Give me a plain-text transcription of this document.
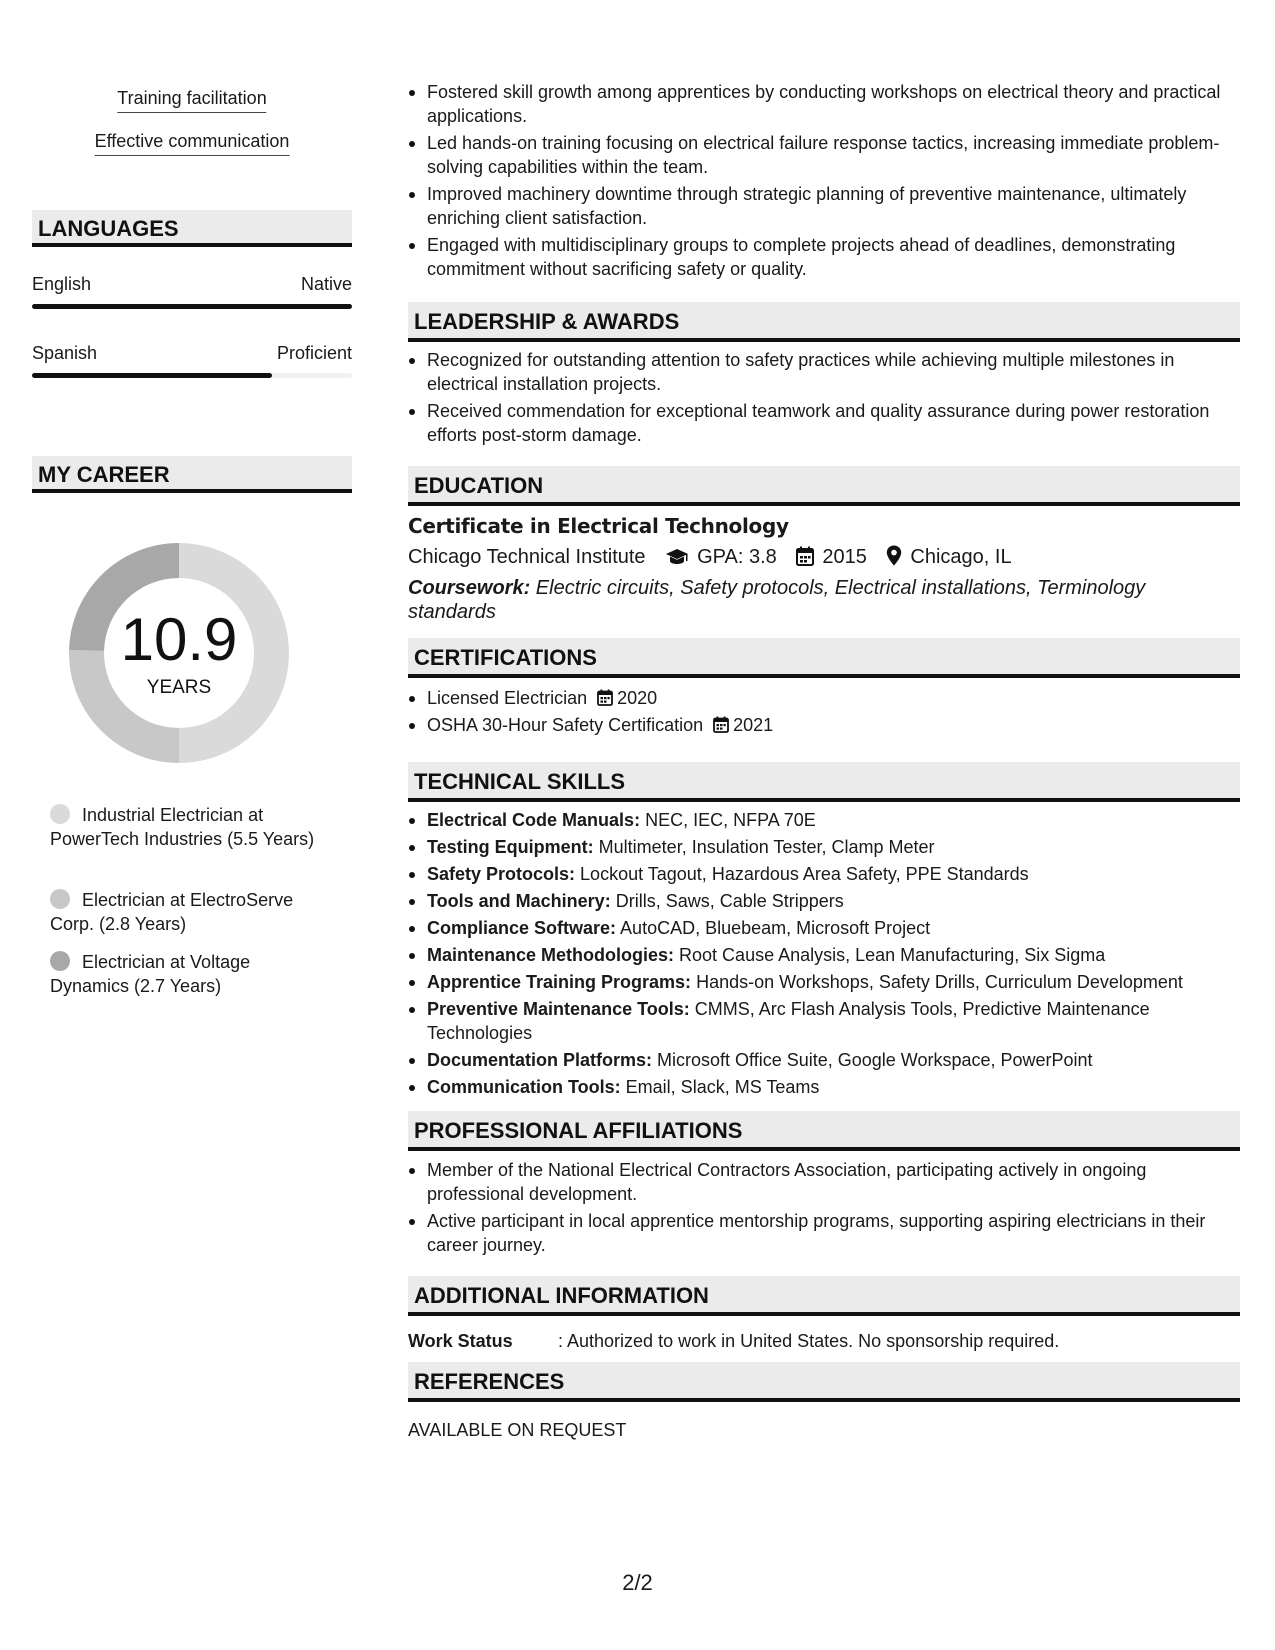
Training facilitation
Effective communication
LANGUAGES
English	Native
Spanish	Proficient
MY CAREER
10.9
YEARS
Industrial Electrician at PowerTech Industries (5.5 Years)
Electrician at ElectroServe Corp. (2.8 Years)
Electrician at Voltage Dynamics (2.7 Years)
Fostered skill growth among apprentices by conducting workshops on electrical theory and practical applications.
Led hands-on training focusing on electrical failure response tactics, increasing immediate problem-solving capabilities within the team.
Improved machinery downtime through strategic planning of preventive maintenance, ultimately enriching client satisfaction.
Engaged with multidisciplinary groups to complete projects ahead of deadlines, demonstrating commitment without sacrificing safety or quality.
LEADERSHIP & AWARDS
Recognized for outstanding attention to safety practices while achieving multiple milestones in electrical installation projects.
Received commendation for exceptional teamwork and quality assurance during power restoration efforts post-storm damage.
EDUCATION
Certificate in Electrical Technology
Chicago Technical Institute	GPA: 3.8 2015 Chicago, IL
Coursework: Electric circuits, Safety protocols, Electrical installations, Terminology standards
CERTIFICATIONS
Licensed Electrician 2020
OSHA 30-Hour Safety Certification 2021
TECHNICAL SKILLS
Electrical Code Manuals: NEC, IEC, NFPA 70E
Testing Equipment: Multimeter, Insulation Tester, Clamp Meter
Safety Protocols: Lockout Tagout, Hazardous Area Safety, PPE Standards
Tools and Machinery: Drills, Saws, Cable Strippers
Compliance Software: AutoCAD, Bluebeam, Microsoft Project
Maintenance Methodologies: Root Cause Analysis, Lean Manufacturing, Six Sigma
Apprentice Training Programs: Hands-on Workshops, Safety Drills, Curriculum Development
Preventive Maintenance Tools: CMMS, Arc Flash Analysis Tools, Predictive Maintenance Technologies
Documentation Platforms: Microsoft Office Suite, Google Workspace, PowerPoint
Communication Tools: Email, Slack, MS Teams
PROFESSIONAL AFFILIATIONS
Member of the National Electrical Contractors Association, participating actively in ongoing professional development.
Active participant in local apprentice mentorship programs, supporting aspiring electricians in their career journey.
ADDITIONAL INFORMATION
Work Status	: Authorized to work in United States. No sponsorship required.
REFERENCES
AVAILABLE ON REQUEST
2/2
